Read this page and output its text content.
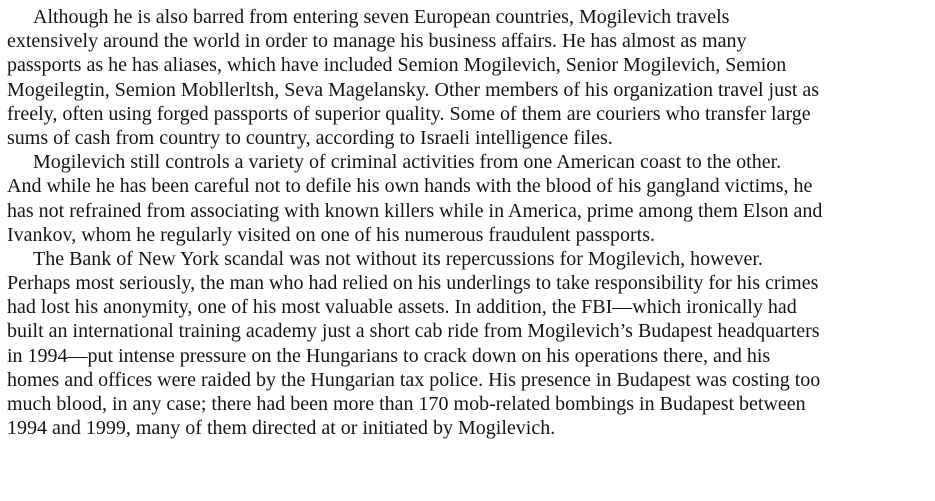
Although he is also barred from entering seven European countries, Mogilevich travels
extensively around the world in order to manage his business affairs. He has almost as many
passports as he has aliases, which have included Semion Mogilevich, Senior Mogilevich, Semion
Mogeilegtin, Semion Mobllerltsh, Seva Magelansky. Other members of his organization travel just as
freely, often using forged passports of superior quality. Some of them are couriers who transfer large
sums of cash from country to country, according to Israeli intelligence files.
Mogilevich still controls a variety of criminal activities from one American coast to the other.
And while he has been careful not to defile his own hands with the blood of his gangland victims, he
has not refrained from associating with known killers while in America, prime among them Elson and
Ivankov, whom he regularly visited on one of his numerous fraudulent passports.
The Bank of New York scandal was not without its repercussions for Mogilevich, however.
Perhaps most seriously, the man who had relied on his underlings to take responsibility for his crimes
had lost his anonymity, one of his most valuable assets. In addition, the FBI—which ironically had
built an international training academy just a short cab ride from Mogilevich’s Budapest headquarters
in 1994—put intense pressure on the Hungarians to crack down on his operations there, and his
homes and offices were raided by the Hungarian tax police. His presence in Budapest was costing too
much blood, in any case; there had been more than 170 mob-related bombings in Budapest between
1994 and 1999, many of them directed at or initiated by Mogilevich.
